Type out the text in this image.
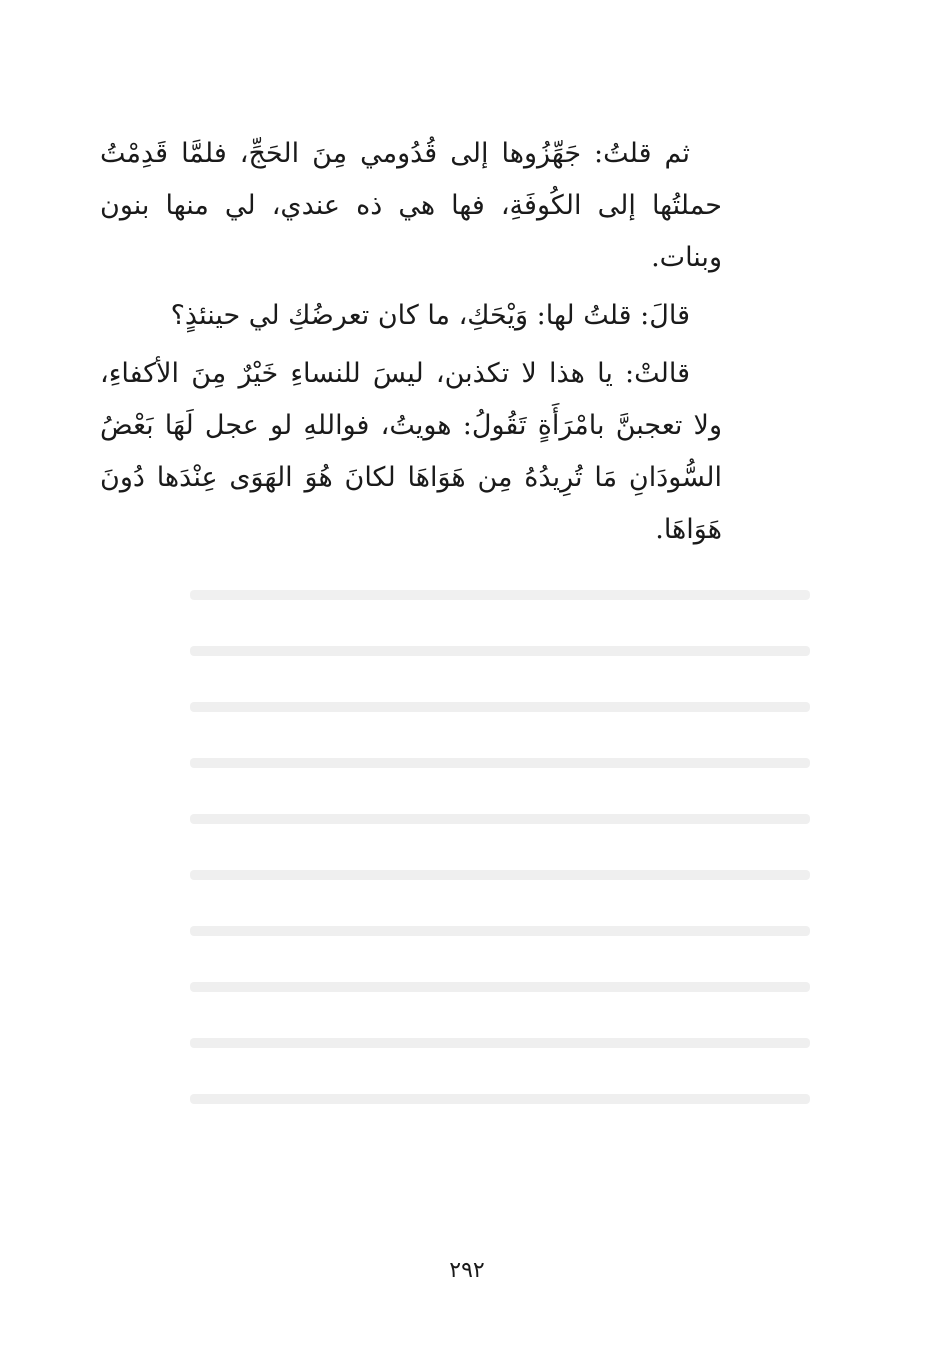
ثم قلتُ: جَهِّزُوها إلى قُدُومي مِنَ الحَجِّ، فلمَّا قَدِمْتُ حملتُها إلى الكُوفَةِ، فها هي ذه عندي، لي منها بنون وبنات.

قالَ: قلتُ لها: وَيْحَكِ، ما كان تعرضُكِ لي حينئذٍ؟

قالتْ: يا هذا لا تكذبن، ليسَ للنساءِ خَيْرٌ مِنَ الأكفاءِ، ولا تعجبنَّ بامْرَأَةٍ تَقُولُ: هويتُ، فواللهِ لو عجل لَهَا بَعْضُ السُّودَانِ مَا تُرِيدُهُ مِن هَوَاهَا لكانَ هُوَ الهَوَى عِنْدَها دُونَ هَوَاهَا.

٢٩٢
